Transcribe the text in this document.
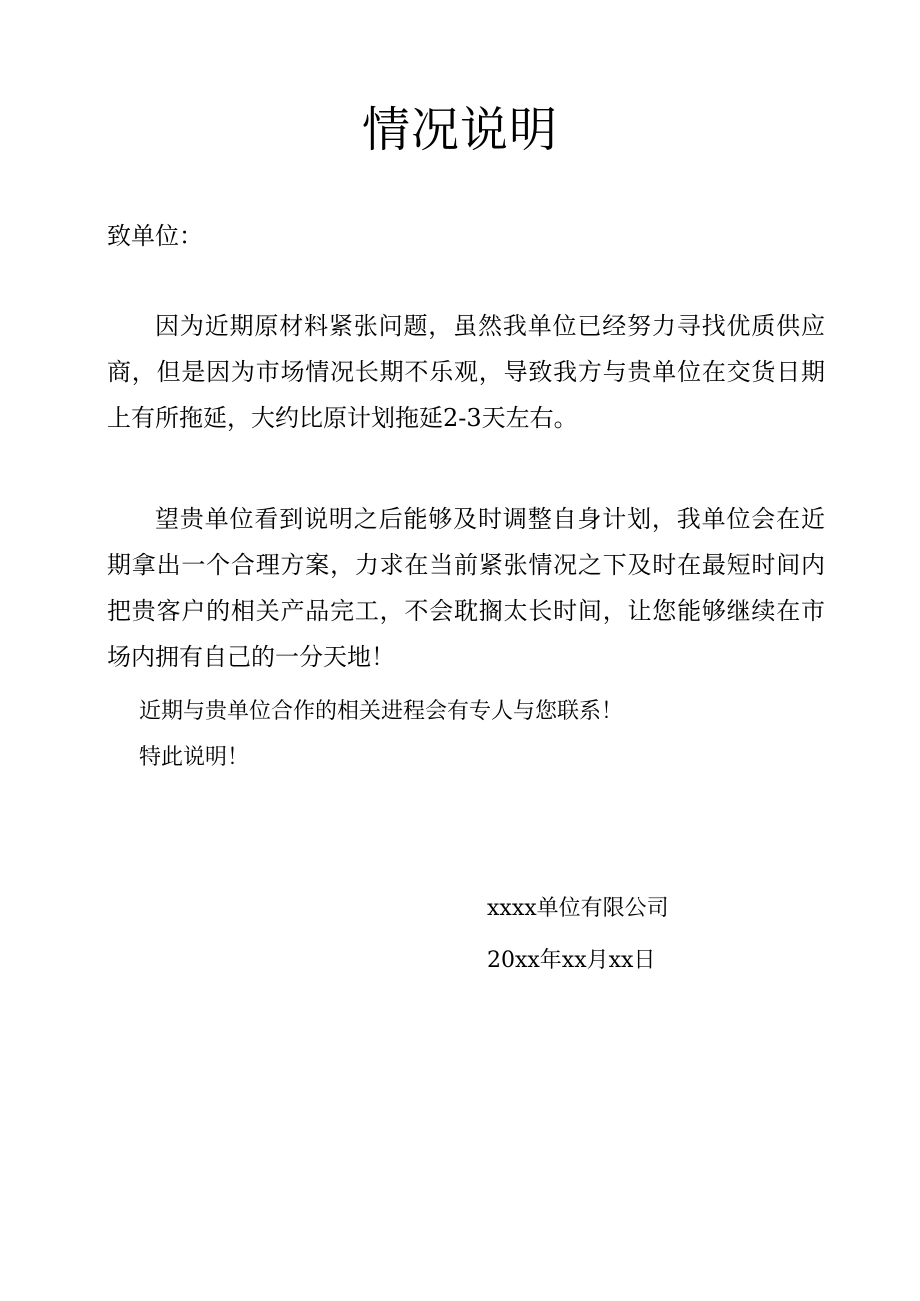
情况说明

致单位：

因为近期原材料紧张问题，虽然我单位已经努力寻找优质供应商，但是因为市场情况长期不乐观，导致我方与贵单位在交货日期上有所拖延，大约比原计划拖延2-3天左右。

望贵单位看到说明之后能够及时调整自身计划，我单位会在近期拿出一个合理方案，力求在当前紧张情况之下及时在最短时间内把贵客户的相关产品完工，不会耽搁太长时间，让您能够继续在市场内拥有自己的一分天地！

近期与贵单位合作的相关进程会有专人与您联系！

特此说明！

xxxx单位有限公司

20xx年xx月xx日
